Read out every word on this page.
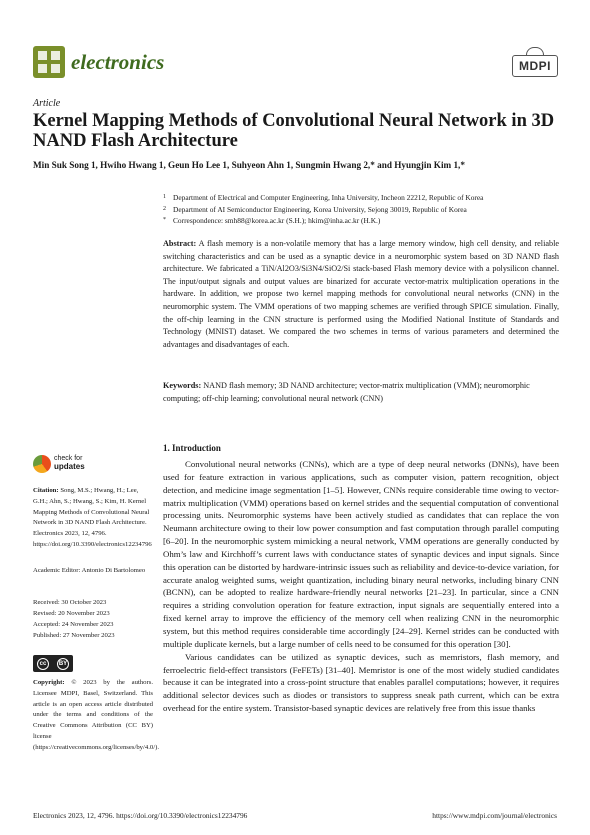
electronics	MDPI
Article
Kernel Mapping Methods of Convolutional Neural Network in 3D NAND Flash Architecture
Min Suk Song 1, Hwiho Hwang 1, Geun Ho Lee 1, Suhyeon Ahn 1, Sungmin Hwang 2,* and Hyungjin Kim 1,*
1 Department of Electrical and Computer Engineering, Inha University, Incheon 22212, Republic of Korea
2 Department of AI Semiconductor Engineering, Korea University, Sejong 30019, Republic of Korea
* Correspondence: smh88@korea.ac.kr (S.H.); hkim@inha.ac.kr (H.K.)
Abstract: A flash memory is a non-volatile memory that has a large memory window, high cell density, and reliable switching characteristics and can be used as a synaptic device in a neuromorphic system based on 3D NAND flash architecture. We fabricated a TiN/Al2O3/Si3N4/SiO2/Si stack-based Flash memory device with a polysilicon channel. The input/output signals and output values are binarized for accurate vector-matrix multiplication operations in the hardware. In addition, we propose two kernel mapping methods for convolutional neural networks (CNN) in the neuromorphic system. The VMM operations of two mapping schemes are verified through SPICE simulation. Finally, the off-chip learning in the CNN structure is performed using the Modified National Institute of Standards and Technology (MNIST) dataset. We compared the two schemes in terms of various parameters and determined the advantages and disadvantages of each.
Keywords: NAND flash memory; 3D NAND architecture; vector-matrix multiplication (VMM); neuromorphic computing; off-chip learning; convolutional neural network (CNN)
check for
updates
Citation: Song, M.S.; Hwang, H.; Lee, G.H.; Ahn, S.; Hwang, S.; Kim, H. Kernel Mapping Methods of Convolutional Neural Network in 3D NAND Flash Architecture. Electronics 2023, 12, 4796. https://doi.org/10.3390/electronics12234796
Academic Editor: Antonio Di Bartolomeo
Received: 30 October 2023
Revised: 20 November 2023
Accepted: 24 November 2023
Published: 27 November 2023
cc	BY
Copyright: © 2023 by the authors. Licensee MDPI, Basel, Switzerland. This article is an open access article distributed under the terms and conditions of the Creative Commons Attribution (CC BY) license (https://creativecommons.org/licenses/by/4.0/).
1. Introduction

Convolutional neural networks (CNNs), which are a type of deep neural networks (DNNs), have been used for feature extraction in various applications, such as computer vision, pattern recognition, object detection, and medicine image segmentation [1–5]. However, CNNs require considerable time owing to vector-matrix multiplication (VMM) operations based on kernel strides and the sequential computation of conventional processing units. Neuromorphic systems have been actively studied as candidates that can replace the von Neumann architecture owing to their low power consumption and fast computation through parallel computing [6–20]. In the neuromorphic system mimicking a neural network, VMM operations are generally conducted by Ohm’s law and Kirchhoff’s current laws with conductance states of synaptic devices and input signals. Since this operation can be distorted by hardware-intrinsic issues such as reliability and device-to-device variation, for accurate analog weighted sums, weight quantization, including binary neural networks, including binary CNN (BCNN), can be adopted to realize hardware-friendly neural networks [21–23]. In particular, since a CNN requires a striding convolution operation for feature extraction, input signals are sequentially entered into a fixed kernel array to improve the efficiency of the memory cell when realizing CNN in the neuromorphic system, but this method requires considerable time accordingly [24–29]. Kernel strides can be conducted with multiple duplicate kernels, but a large number of cells need to be consumed for this operation [30].

Various candidates can be utilized as synaptic devices, such as memristors, flash memory, and ferroelectric field-effect transistors (FeFETs) [31–40]. Memristor is one of the most widely studied candidates because it can be integrated into a cross-point structure that enables parallel computations; however, it requires additional selector devices such as diodes or transistors to suppress sneak path current, which can be extra overhead for the entire system. Transistor-based synaptic devices are relatively free from this issue thanks

Electronics 2023, 12, 4796. https://doi.org/10.3390/electronics12234796	https://www.mdpi.com/journal/electronics
